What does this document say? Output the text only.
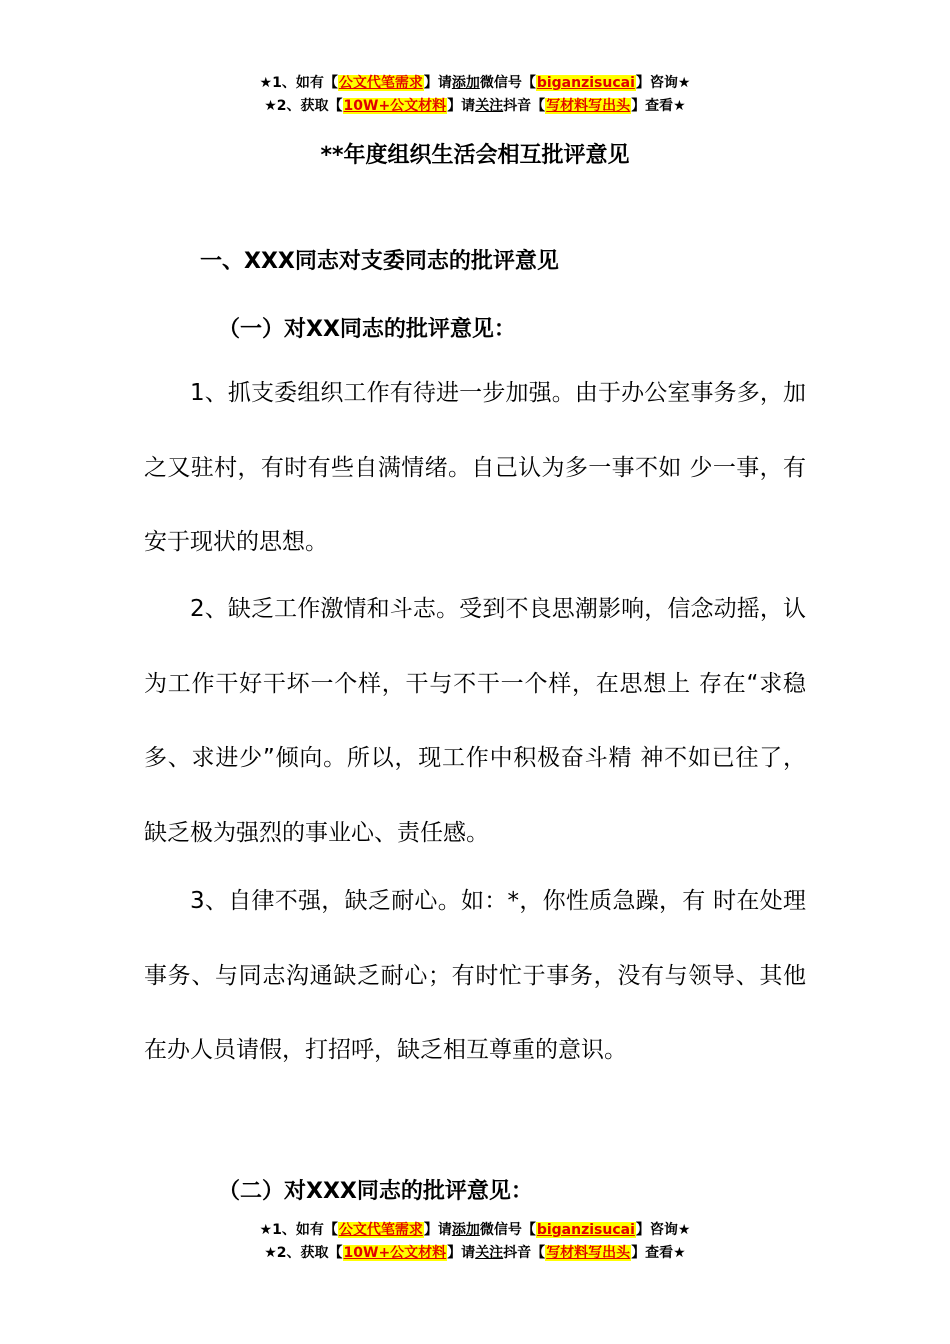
★1、如有【公文代笔需求】请添加微信号【biganzisucai】咨询★
★2、获取【10W+公文材料】请关注抖音【写材料写出头】查看★
**年度组织生活会相互批评意见
一、XXX同志对支委同志的批评意见
（一）对XX同志的批评意见：

1、抓支委组织工作有待进一步加强。由于办公室事务多，加之又驻村，有时有些自满情绪。自己认为多一事不如 少一事，有安于现状的思想。

2、缺乏工作激情和斗志。受到不良思潮影响，信念动摇，认为工作干好干坏一个样，干与不干一个样，在思想上 存在“求稳多、求进少”倾向。所以，现工作中积极奋斗精 神不如已往了，缺乏极为强烈的事业心、责任感。

3、自律不强，缺乏耐心。如：*，你性质急躁，有 时在处理事务、与同志沟通缺乏耐心；有时忙于事务，没有与领导、其他在办人员请假，打招呼，缺乏相互尊重的意识。

（二）对XXX同志的批评意见：
★1、如有【公文代笔需求】请添加微信号【biganzisucai】咨询★
★2、获取【10W+公文材料】请关注抖音【写材料写出头】查看★
